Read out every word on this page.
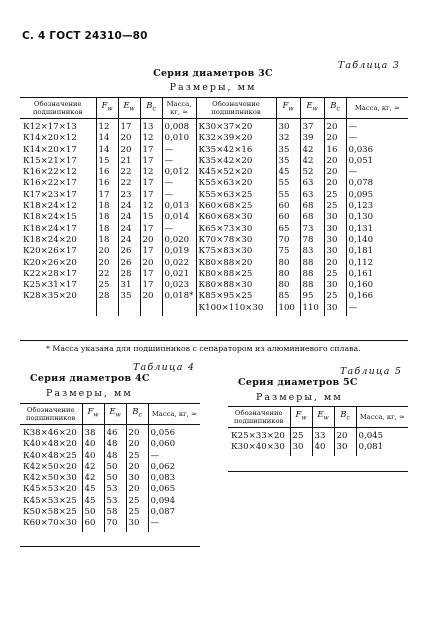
С. 4 ГОСТ 24310—80
Таблица 3
Серия диаметров 3С
Размеры, мм
Обозначение подшипников	$F_w$	$E_w$	$B_c$	Масса, кг, ≈	Обозначение подшипников	$F_w$	$E_w$	$B_c$	Масса, кг, ≈
К12×17×13	12	17	13	0,008	К30×37×20	30	37	20	—
К14×20×12	14	20	12	0,010	К32×39×20	32	39	20	—
К14×20×17	14	20	17	—	К35×42×16	35	42	16	0,036
К15×21×17	15	21	17	—	К35×42×20	35	42	20	0,051
К16×22×12	16	22	12	0,012	К45×52×20	45	52	20	—
К16×22×17	16	22	17	—	К55×63×20	55	63	20	0,078
К17×23×17	17	23	17	—	К55×63×25	55	63	25	0,095
К18×24×12	18	24	12	0,013	К60×68×25	60	68	25	0,123
К18×24×15	18	24	15	0,014	К60×68×30	60	68	30	0,130
К18×24×17	18	24	17	—	К65×73×30	65	73	30	0,131
К18×24×20	18	24	20	0,020	К70×78×30	70	78	30	0,140
К20×26×17	20	26	17	0,019	К75×83×30	75	83	30	0,181
К20×26×20	20	26	20	0,022	К80×88×20	80	88	20	0,112
К22×28×17	22	28	17	0,021	К80×88×25	80	88	25	0,161
К25×31×17	25	31	17	0,023	К80×88×30	80	88	30	0,160
К28×35×20	28	35	20	0,018*	К85×95×25	85	95	25	0,166
					К100×110×30	100	110	30	—
* Масса указана для подшипников с сепаратором из алюминиевого сплава.
Таблица 4
Серия диаметров 4С
Размеры, мм
Обозначение подшипников	$F_w$	$E_w$	$B_c$	Масса, кг, ≈
К38×46×20	38	46	20	0,056
К40×48×20	40	48	20	0,060
К40×48×25	40	48	25	—
К42×50×20	42	50	20	0,062
К42×50×30	42	50	30	0,083
К45×53×20	45	53	20	0,065
К45×53×25	45	53	25	0,094
К50×58×25	50	58	25	0,087
К60×70×30	60	70	30	—
Таблица 5
Серия диаметров 5С
Размеры, мм
Обозначение подшипников	$F_w$	$E_w$	$B_c$	Масса, кг, ≈
К25×33×20	25	33	20	0,045
К30×40×30	30	40	30	0,081
